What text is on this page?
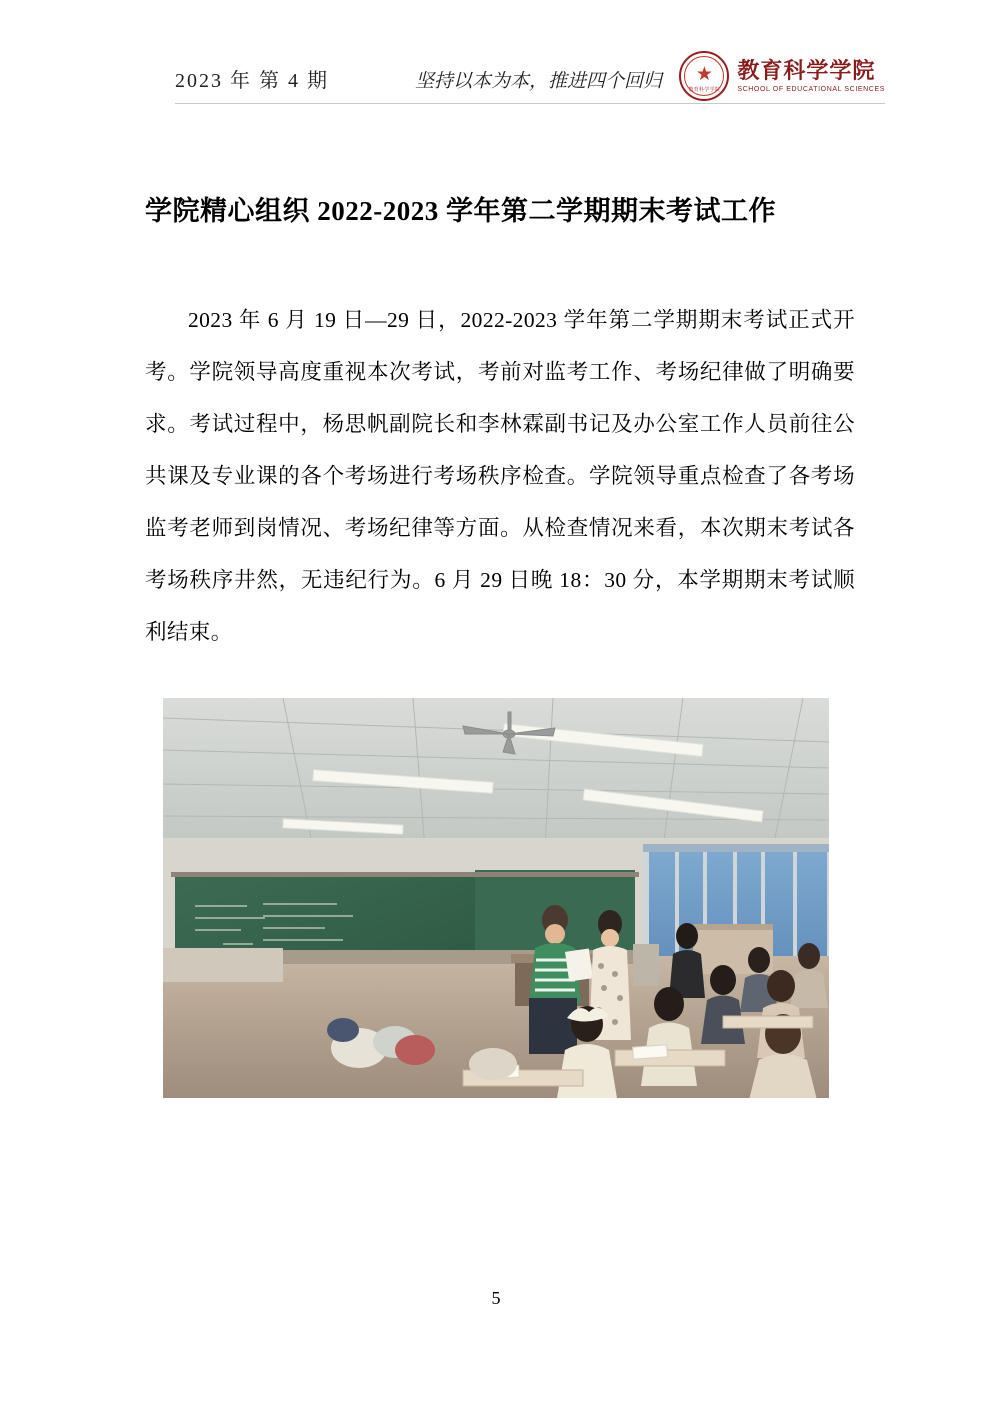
2023 年 第 4 期	坚持以本为本，推进四个回归 ★
教育科学学院
教育科学学院
SCHOOL OF EDUCATIONAL SCIENCES
学院精心组织 2022-2023 学年第二学期期末考试工作

2023 年 6 月 19 日—29 日，2022-2023 学年第二学期期末考试正式开考。学院领导高度重视本次考试，考前对监考工作、考场纪律做了明确要求。考试过程中，杨思帆副院长和李林霖副书记及办公室工作人员前往公共课及专业课的各个考场进行考场秩序检查。学院领导重点检查了各考场监考老师到岗情况、考场纪律等方面。从检查情况来看，本次期末考试各考场秩序井然，无违纪行为。6 月 29 日晚 18：30 分，本学期期末考试顺利结束。

5
